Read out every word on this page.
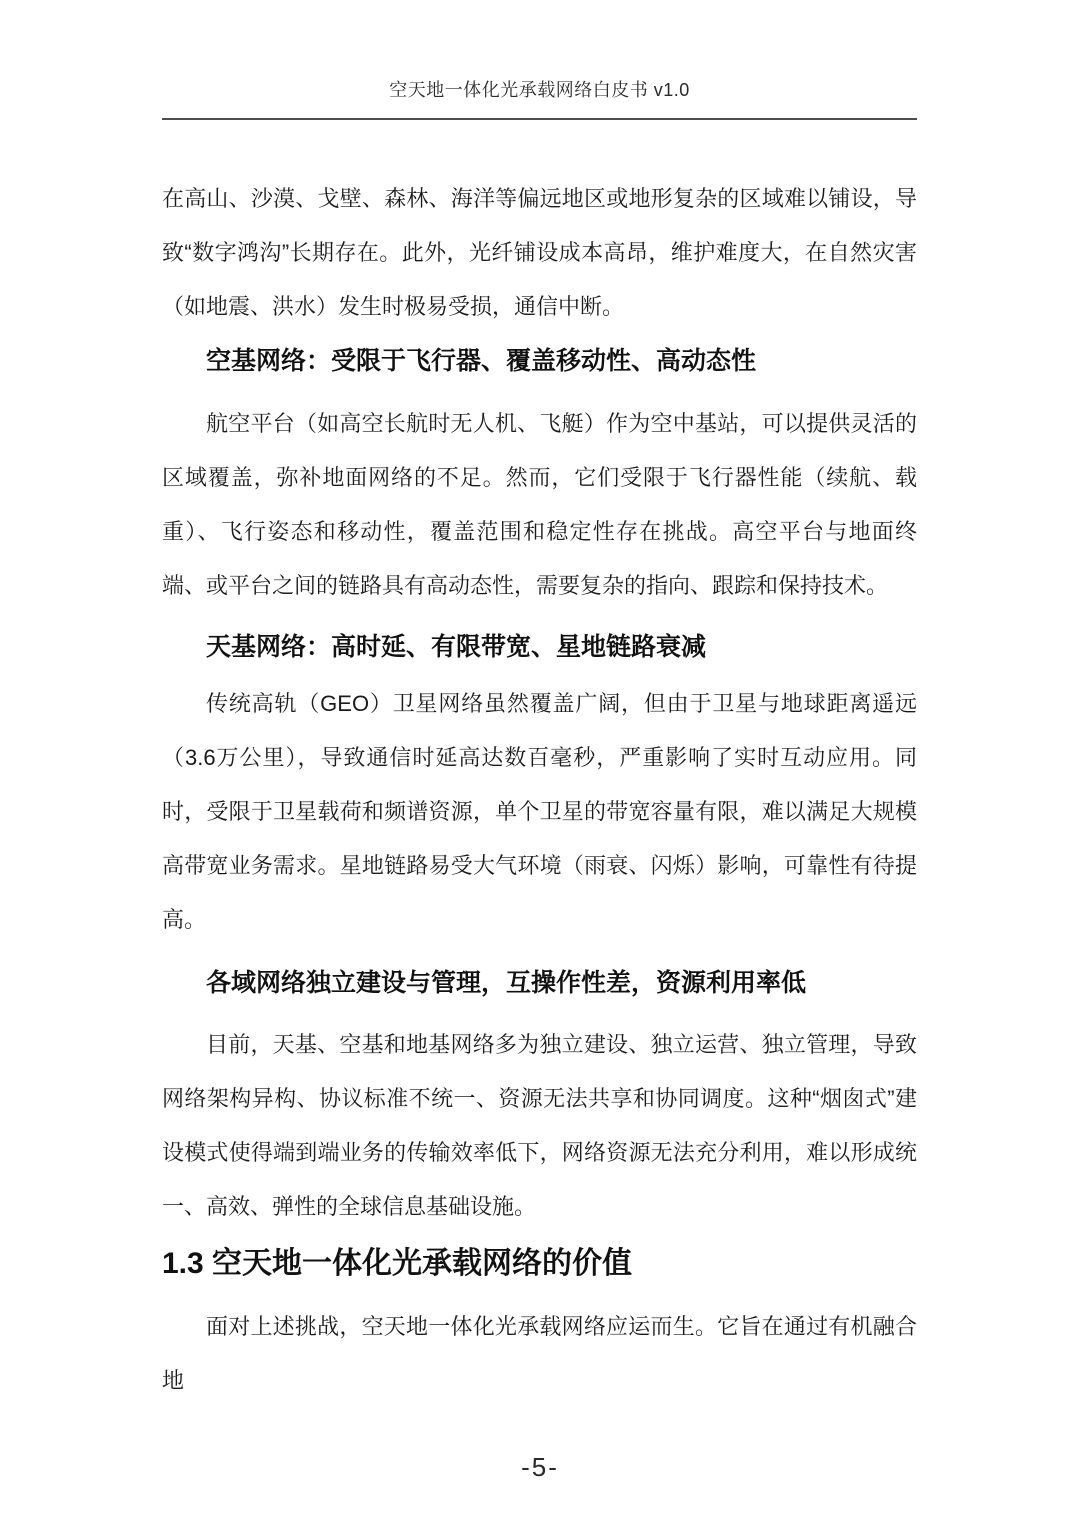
空天地一体化光承载网络白皮书 v1.0

在高山、沙漠、戈壁、森林、海洋等偏远地区或地形复杂的区域难以铺设，导致“数字鸿沟”长期存在。此外，光纤铺设成本高昂，维护难度大，在自然灾害（如地震、洪水）发生时极易受损，通信中断。

空基网络：受限于飞行器、覆盖移动性、高动态性

航空平台（如高空长航时无人机、飞艇）作为空中基站，可以提供灵活的区域覆盖，弥补地面网络的不足。然而，它们受限于飞行器性能（续航、载重）、飞行姿态和移动性，覆盖范围和稳定性存在挑战。高空平台与地面终端、或平台之间的链路具有高动态性，需要复杂的指向、跟踪和保持技术。

天基网络：高时延、有限带宽、星地链路衰减

传统高轨（GEO）卫星网络虽然覆盖广阔，但由于卫星与地球距离遥远（3.6万公里），导致通信时延高达数百毫秒，严重影响了实时互动应用。同时，受限于卫星载荷和频谱资源，单个卫星的带宽容量有限，难以满足大规模高带宽业务需求。星地链路易受大气环境（雨衰、闪烁）影响，可靠性有待提高。

各域网络独立建设与管理，互操作性差，资源利用率低

目前，天基、空基和地基网络多为独立建设、独立运营、独立管理，导致网络架构异构、协议标准不统一、资源无法共享和协同调度。这种“烟囱式”建设模式使得端到端业务的传输效率低下，网络资源无法充分利用，难以形成统一、高效、弹性的全球信息基础设施。

1.3 空天地一体化光承载网络的价值

面对上述挑战，空天地一体化光承载网络应运而生。它旨在通过有机融合地

-5-
